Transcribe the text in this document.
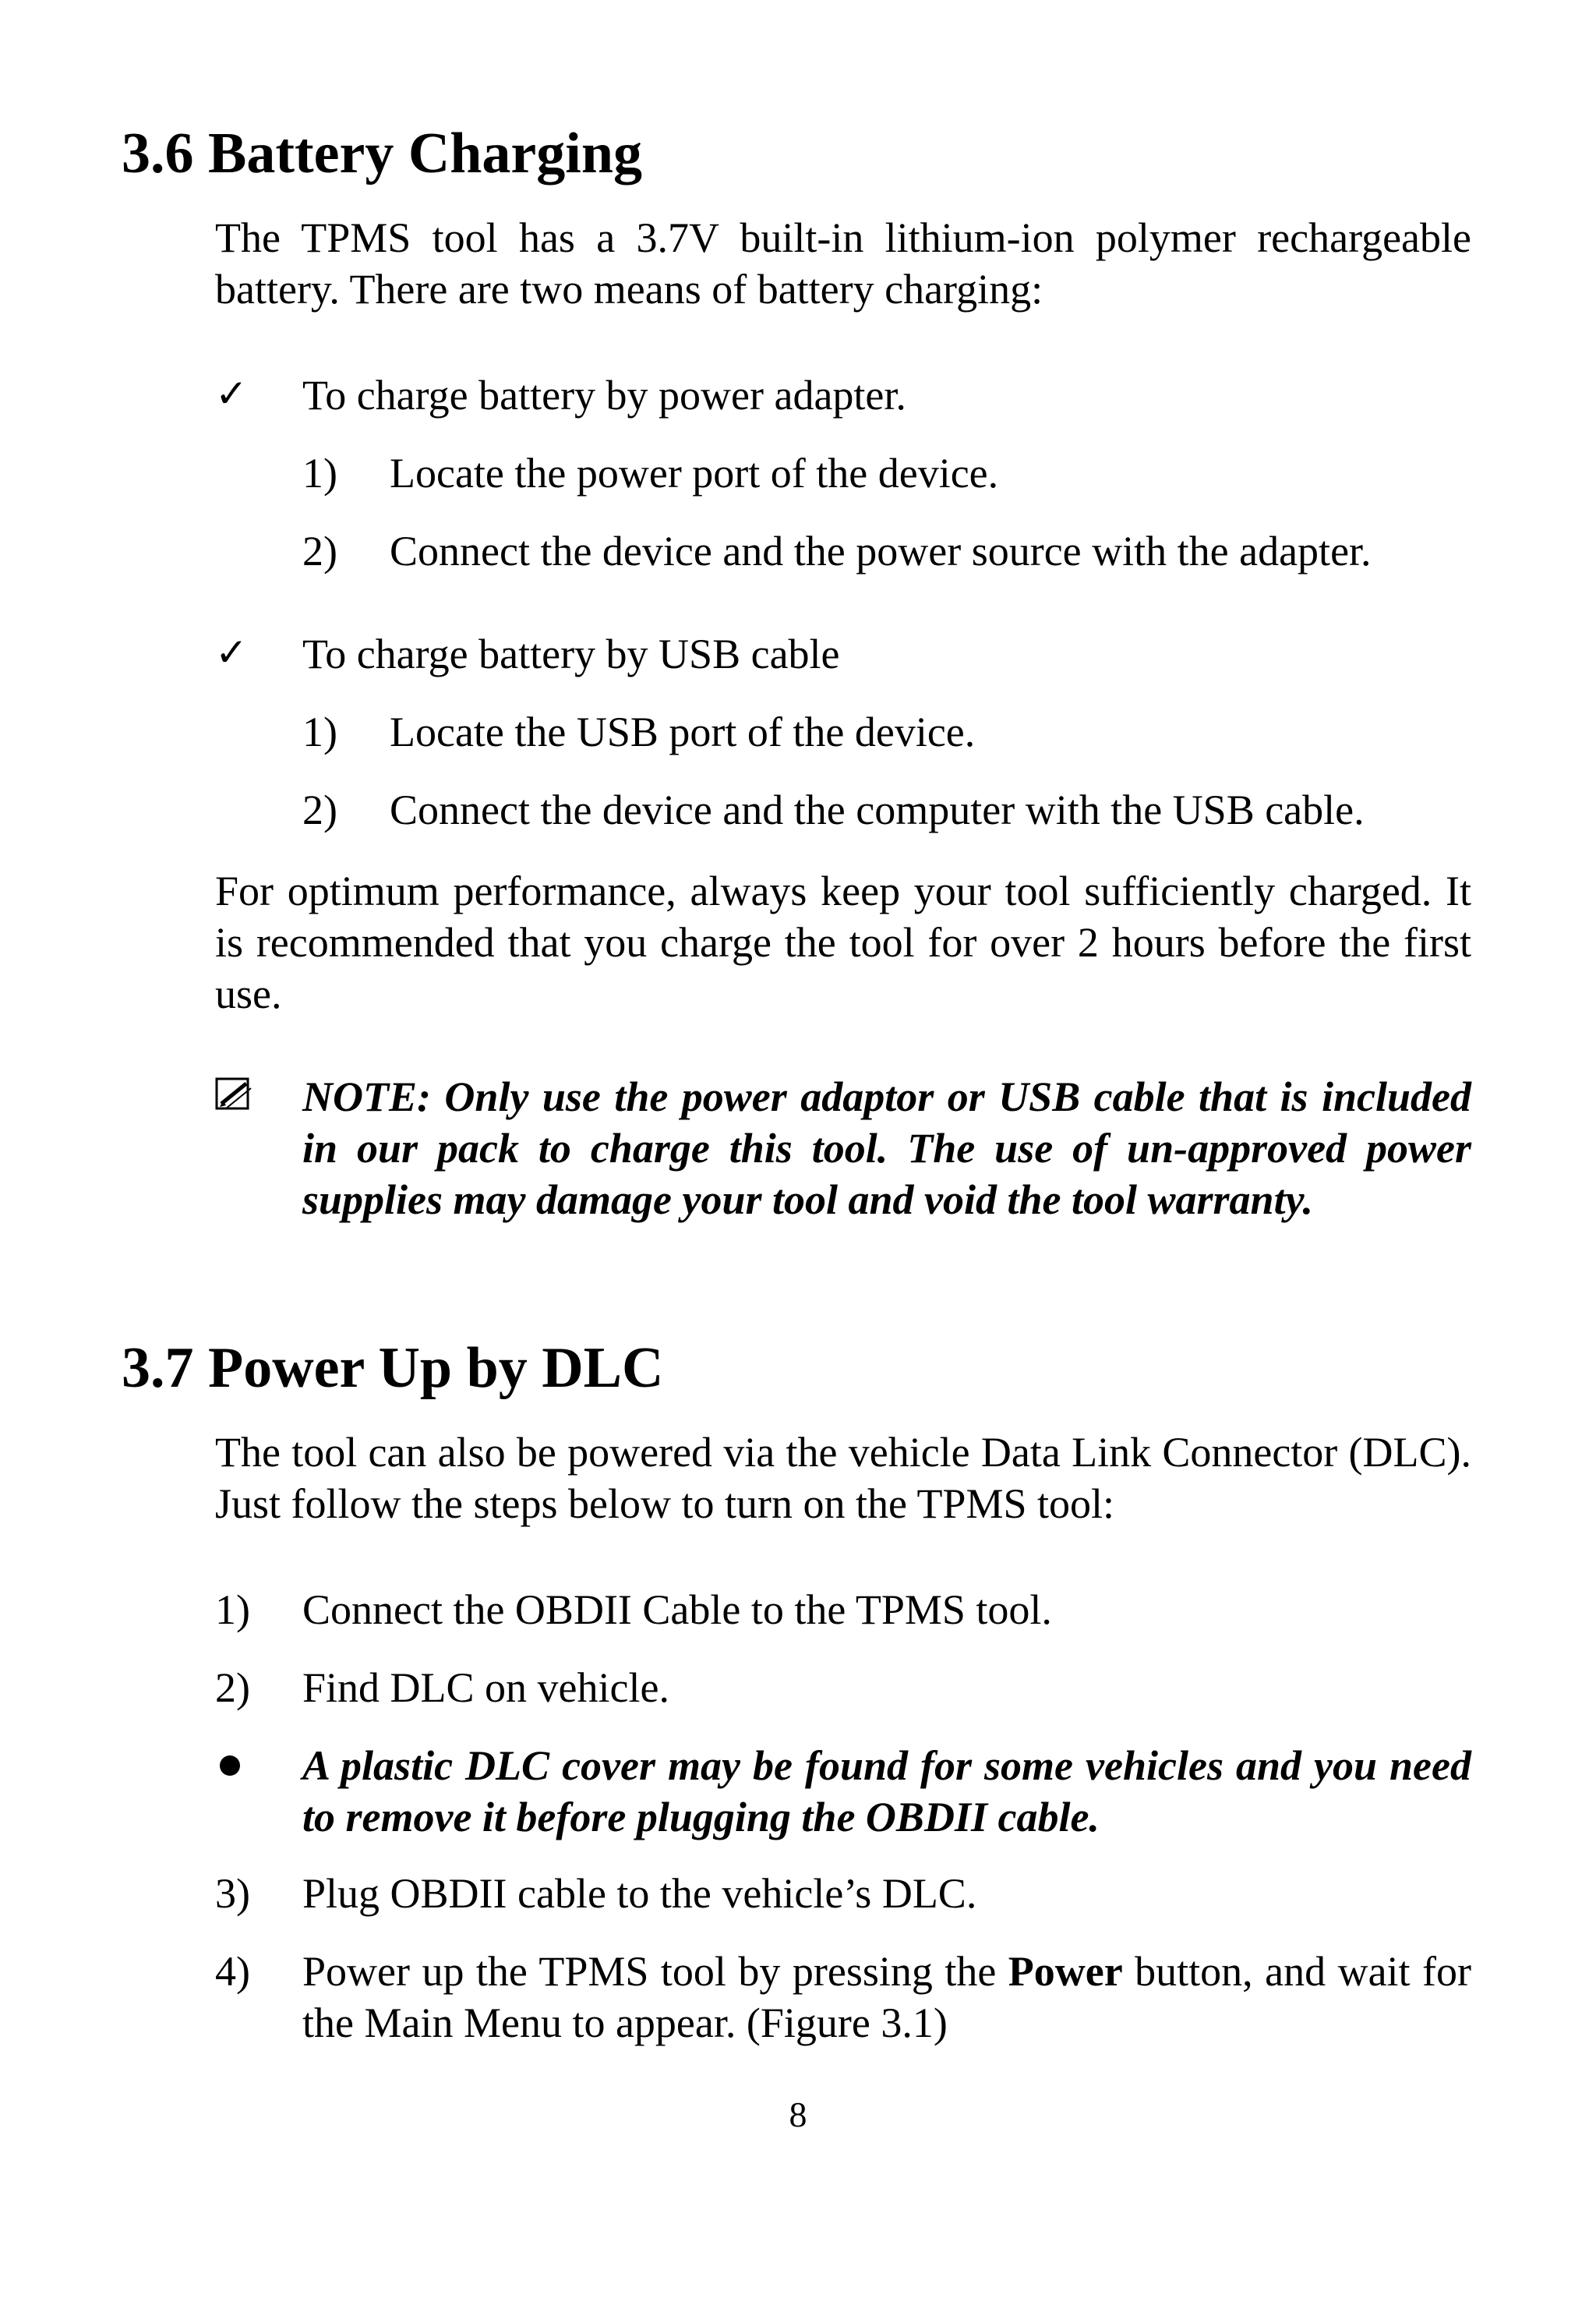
3.6 Battery Charging

The TPMS tool has a 3.7V built-in lithium-ion polymer rechargeable battery. There are two means of battery charging:

✓ To charge battery by power adapter.
1) Locate the power port of the device.
2) Connect the device and the power source with the adapter.
✓ To charge battery by USB cable
1) Locate the USB port of the device.
2) Connect the device and the computer with the USB cable.

For optimum performance, always keep your tool sufficiently charged. It is recommended that you charge the tool for over 2 hours before the first use.

NOTE: Only use the power adaptor or USB cable that is included in our pack to charge this tool. The use of un-approved power supplies may damage your tool and void the tool warranty.

3.7 Power Up by DLC

The tool can also be powered via the vehicle Data Link Connector (DLC). Just follow the steps below to turn on the TPMS tool:

1) Connect the OBDII Cable to the TPMS tool.
2) Find DLC on vehicle.

A plastic DLC cover may be found for some vehicles and you need to remove it before plugging the OBDII cable.

3) Plug OBDII cable to the vehicle’s DLC.
4) Power up the TPMS tool by pressing the Power button, and wait for the Main Menu to appear. (Figure 3.1)

8
